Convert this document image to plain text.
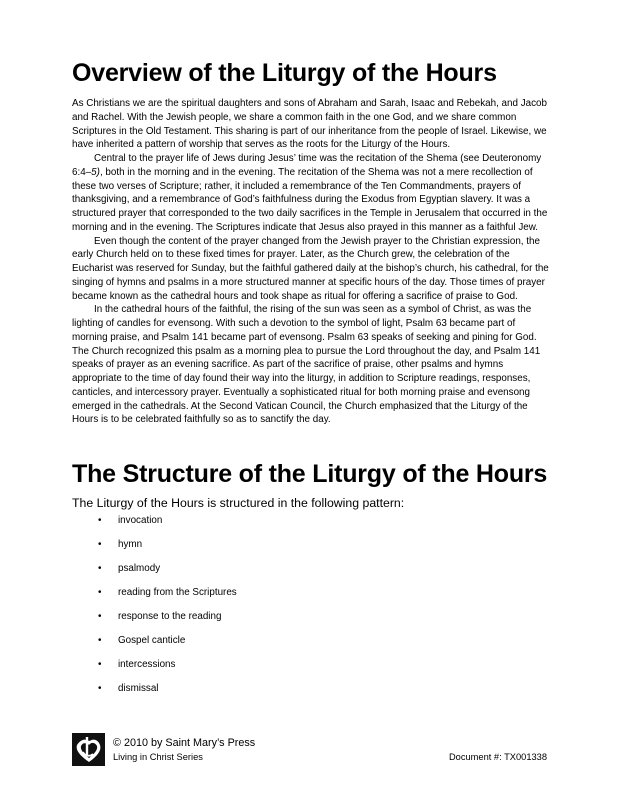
Overview of the Liturgy of the Hours

As Christians we are the spiritual daughters and sons of Abraham and Sarah, Isaac and Rebekah, and Jacob and Rachel. With the Jewish people, we share a common faith in the one God, and we share common Scriptures in the Old Testament. This sharing is part of our inheritance from the people of Israel. Likewise, we have inherited a pattern of worship that serves as the roots for the Liturgy of the Hours.

Central to the prayer life of Jews during Jesus’ time was the recitation of the Shema (see Deuteronomy 6:4–5), both in the morning and in the evening. The recitation of the Shema was not a mere recollection of these two verses of Scripture; rather, it included a remembrance of the Ten Commandments, prayers of thanksgiving, and a remembrance of God’s faithfulness during the Exodus from Egyptian slavery. It was a structured prayer that corresponded to the two daily sacrifices in the Temple in Jerusalem that occurred in the morning and in the evening. The Scriptures indicate that Jesus also prayed in this manner as a faithful Jew.

Even though the content of the prayer changed from the Jewish prayer to the Christian expression, the early Church held on to these fixed times for prayer. Later, as the Church grew, the celebration of the Eucharist was reserved for Sunday, but the faithful gathered daily at the bishop’s church, his cathedral, for the singing of hymns and psalms in a more structured manner at specific hours of the day. Those times of prayer became known as the cathedral hours and took shape as ritual for offering a sacrifice of praise to God.

In the cathedral hours of the faithful, the rising of the sun was seen as a symbol of Christ, as was the lighting of candles for evensong. With such a devotion to the symbol of light, Psalm 63 became part of morning praise, and Psalm 141 became part of evensong. Psalm 63 speaks of seeking and pining for God. The Church recognized this psalm as a morning plea to pursue the Lord throughout the day, and Psalm 141 speaks of prayer as an evening sacrifice. As part of the sacrifice of praise, other psalms and hymns appropriate to the time of day found their way into the liturgy, in addition to Scripture readings, responses, canticles, and intercessory prayer. Eventually a sophisticated ritual for both morning praise and evensong emerged in the cathedrals. At the Second Vatican Council, the Church emphasized that the Liturgy of the Hours is to be celebrated faithfully so as to sanctify the day.

The Structure of the Liturgy of the Hours

The Liturgy of the Hours is structured in the following pattern:

• invocation
• hymn
• psalmody
• reading from the Scriptures
• response to the reading
• Gospel canticle
• intercessions
• dismissal
© 2010 by Saint Mary’s Press
Living in Christ Series	Document #: TX001338
